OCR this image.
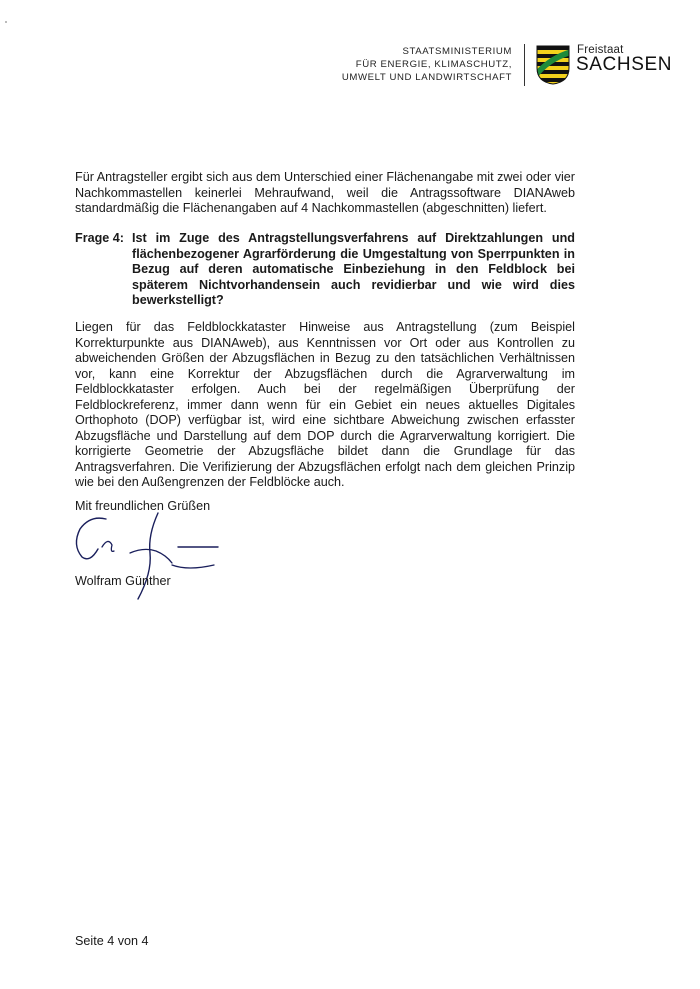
STAATSMINISTERIUM
FÜR ENERGIE, KLIMASCHUTZ,
UMWELT UND LANDWIRTSCHAFT
Freistaat
SACHSEN

Für Antragsteller ergibt sich aus dem Unterschied einer Flächenangabe mit zwei oder vier Nachkommastellen keinerlei Mehraufwand, weil die Antragssoftware DIANAweb standardmäßig die Flächenangaben auf 4 Nachkommastellen (abgeschnitten) liefert.

Frage 4: Ist im Zuge des Antragstellungsverfahrens auf Direktzahlungen und flächenbezogener Agrarförderung die Umgestaltung von Sperrpunkten in Bezug auf deren automatische Einbeziehung in den Feldblock bei späterem Nichtvorhandensein auch revidierbar und wie wird dies bewerkstelligt?

Liegen für das Feldblockkataster Hinweise aus Antragstellung (zum Beispiel Korrekturpunkte aus DIANAweb), aus Kenntnissen vor Ort oder aus Kontrollen zu abweichenden Größen der Abzugsflächen in Bezug zu den tatsächlichen Verhältnissen vor, kann eine Korrektur der Abzugsflächen durch die Agrarverwaltung im Feldblockkataster erfolgen. Auch bei der regelmäßigen Überprüfung der Feldblockreferenz, immer dann wenn für ein Gebiet ein neues aktuelles Digitales Orthophoto (DOP) verfügbar ist, wird eine sichtbare Abweichung zwischen erfasster Abzugsfläche und Darstellung auf dem DOP durch die Agrarverwaltung korrigiert. Die korrigierte Geometrie der Abzugsfläche bildet dann die Grundlage für das Antragsverfahren. Die Verifizierung der Abzugsflächen erfolgt nach dem gleichen Prinzip wie bei den Außengrenzen der Feldblöcke auch.

Mit freundlichen Grüßen
Wolfram Günther
Seite 4 von 4
